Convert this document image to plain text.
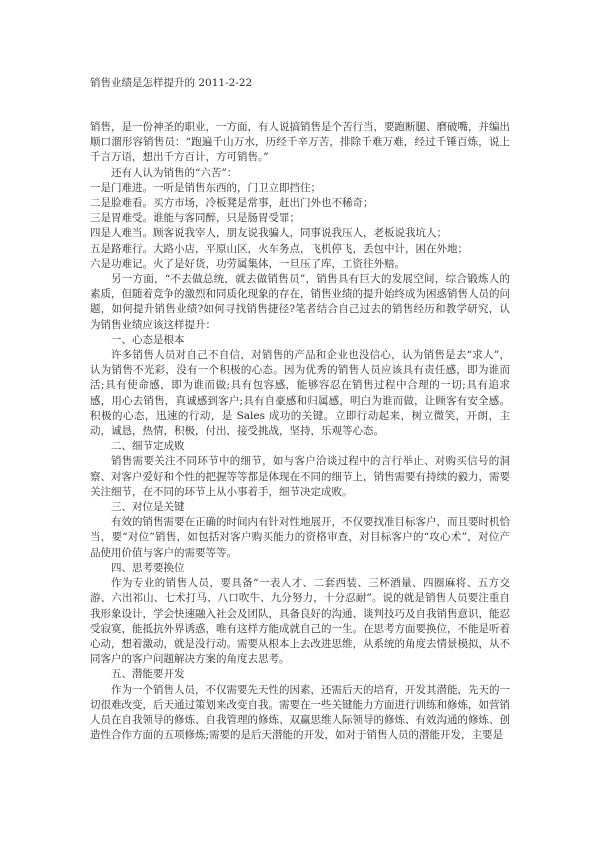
销售业绩是怎样提升的 2011-2-22

销售，是一份神圣的职业，一方面，有人说搞销售是个苦行当，要跑断腿、磨破嘴，并编出顺口溜形容销售员：“跑遍千山万水，历经千辛万苦，排除千难万难，经过千锤百炼，说上千言万语，想出千方百计，方可销售。”

还有人认为销售的“六苦”：

一是门难进。一听是销售东西的，门卫立即挡住；

二是脸难看。买方市场，冷板凳是常事，赶出门外也不稀奇；

三是胃难受。谁能与客同醉，只是肠胃受罪；

四是人难当。顾客说我宰人，朋友说我骗人，同事说我压人，老板说我坑人；

五是路难行。大路小店，平原山区，火车务点，飞机停飞，丢包中计，困在外地；

六是功难记。火了是好货，功劳属集体，一旦压了库，工资往外赔。

另一方面，“不去做总统，就去做销售员”，销售具有巨大的发展空间，综合锻炼人的素质，但随着竞争的激烈和同质化现象的存在，销售业绩的提升始终成为困惑销售人员的问题，如何提升销售业绩?如何寻找销售捷径?笔者结合自己过去的销售经历和教学研究，认为销售业绩应该这样提升：

一、心态是根本

许多销售人员对自己不自信，对销售的产品和企业也没信心，认为销售是去“求人”，认为销售不光彩，没有一个积极的心态。因为优秀的销售人员应该具有责任感，即为谁而活;具有使命感，即为谁而做;具有包容感，能够容忍在销售过程中合理的一切;具有追求感，用心去销售，真诚感到客户;具有自豪感和归属感，明白为谁而做，让顾客有安全感。积极的心态，迅速的行动，是 Sales 成功的关键。立即行动起来，树立微笑，开朗，主动，诚恳，热情，积极，付出，接受挑战，坚持，乐观等心态。

二、细节定成败

销售需要关注不同环节中的细节，如与客户洽谈过程中的言行举止、对购买信号的洞察、对客户爱好和个性的把握等等都是体现在不同的细节上，销售需要有持续的毅力，需要关注细节，在不同的环节上从小事着手，细节决定成败。

三、对位是关键

有效的销售需要在正确的时间内有针对性地展开，不仅要找准目标客户，而且要时机恰当，要“对位”销售，如包括对客户购买能力的资格审查，对目标客户的“攻心术”，对位产品使用价值与客户的需要等等。

四、思考要换位

作为专业的销售人员，要具备“一表人才、二套西装、三杯酒量、四圈麻将、五方交游、六出祁山、七术打马、八口吹牛、九分努力，十分忍耐”。说的就是销售人员要注重自我形象设计，学会快速融入社会及团队，具备良好的沟通、谈判技巧及自我销售意识，能忍受寂寞，能抵抗外界诱惑，唯有这样方能成就自己的一生。在思考方面要换位，不能是听着心动，想着激动，就是没行动。需要从根本上去改进思维，从系统的角度去情景模拟，从不同客户的客户问题解决方案的角度去思考。

五、潜能要开发

作为一个销售人员，不仅需要先天性的因素，还需后天的培育，开发其潜能，先天的一切很难改变，后天通过策划来改变自我。需要在一些关键能力方面进行训练和修炼，如营销人员在自我领导的修炼、自我管理的修炼、双赢思维人际领导的修炼、有效沟通的修炼、创造性合作方面的五项修炼;需要的是后天潜能的开发，如对于销售人员的潜能开发，主要是
